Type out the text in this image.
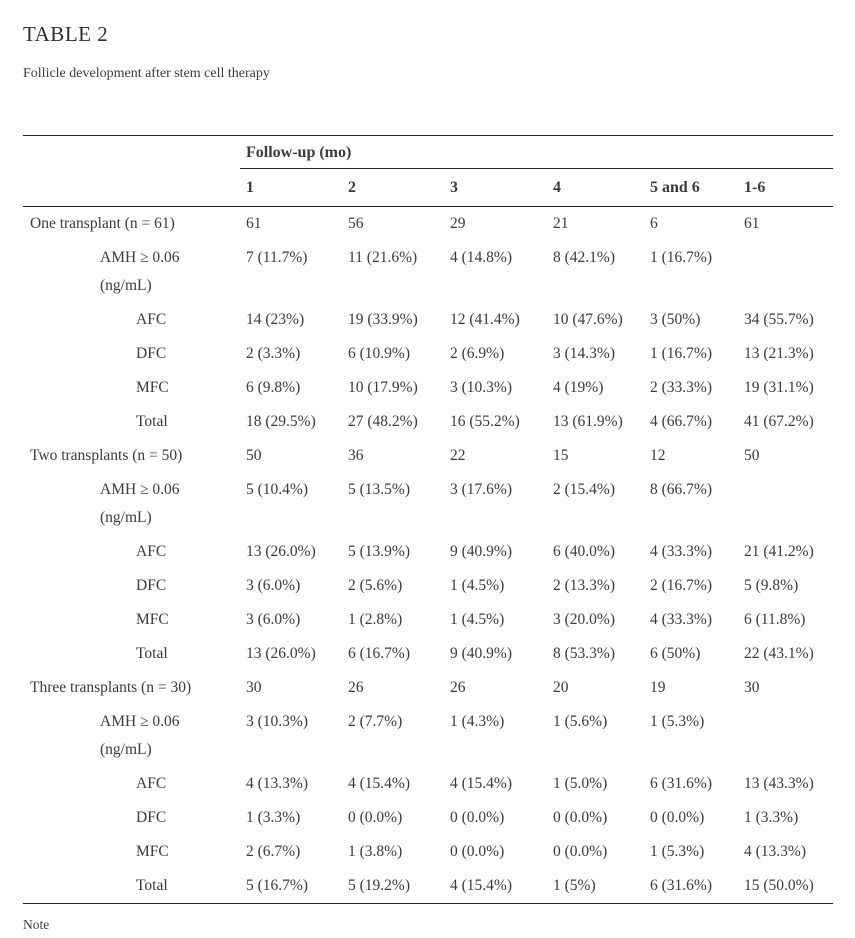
TABLE 2

Follicle development after stem cell therapy

	Follow-up (mo)					
	1	2	3	4	5 and 6	1-6
One transplant (n = 61)	61	56	29	21	6	61

AMH ≥ 0.06
(ng/mL)	7 (11.7%)	11 (21.6%)	4 (14.8%)	8 (42.1%)	1 (16.7%)	

AFC	14 (23%)	19 (33.9%)	12 (41.4%)	10 (47.6%)	3 (50%)	34 (55.7%)

DFC	2 (3.3%)	6 (10.9%)	2 (6.9%)	3 (14.3%)	1 (16.7%)	13 (21.3%)

MFC	6 (9.8%)	10 (17.9%)	3 (10.3%)	4 (19%)	2 (33.3%)	19 (31.1%)

Total	18 (29.5%)	27 (48.2%)	16 (55.2%)	13 (61.9%)	4 (66.7%)	41 (67.2%)
Two transplants (n = 50)	50	36	22	15	12	50

AMH ≥ 0.06
(ng/mL)	5 (10.4%)	5 (13.5%)	3 (17.6%)	2 (15.4%)	8 (66.7%)	

AFC	13 (26.0%)	5 (13.9%)	9 (40.9%)	6 (40.0%)	4 (33.3%)	21 (41.2%)

DFC	3 (6.0%)	2 (5.6%)	1 (4.5%)	2 (13.3%)	2 (16.7%)	5 (9.8%)

MFC	3 (6.0%)	1 (2.8%)	1 (4.5%)	3 (20.0%)	4 (33.3%)	6 (11.8%)

Total	13 (26.0%)	6 (16.7%)	9 (40.9%)	8 (53.3%)	6 (50%)	22 (43.1%)
Three transplants (n = 30)	30	26	26	20	19	30

AMH ≥ 0.06
(ng/mL)	3 (10.3%)	2 (7.7%)	1 (4.3%)	1 (5.6%)	1 (5.3%)	

AFC	4 (13.3%)	4 (15.4%)	4 (15.4%)	1 (5.0%)	6 (31.6%)	13 (43.3%)

DFC	1 (3.3%)	0 (0.0%)	0 (0.0%)	0 (0.0%)	0 (0.0%)	1 (3.3%)

MFC	2 (6.7%)	1 (3.8%)	0 (0.0%)	0 (0.0%)	1 (5.3%)	4 (13.3%)

Total	5 (16.7%)	5 (19.2%)	4 (15.4%)	1 (5%)	6 (31.6%)	15 (50.0%)

Note
